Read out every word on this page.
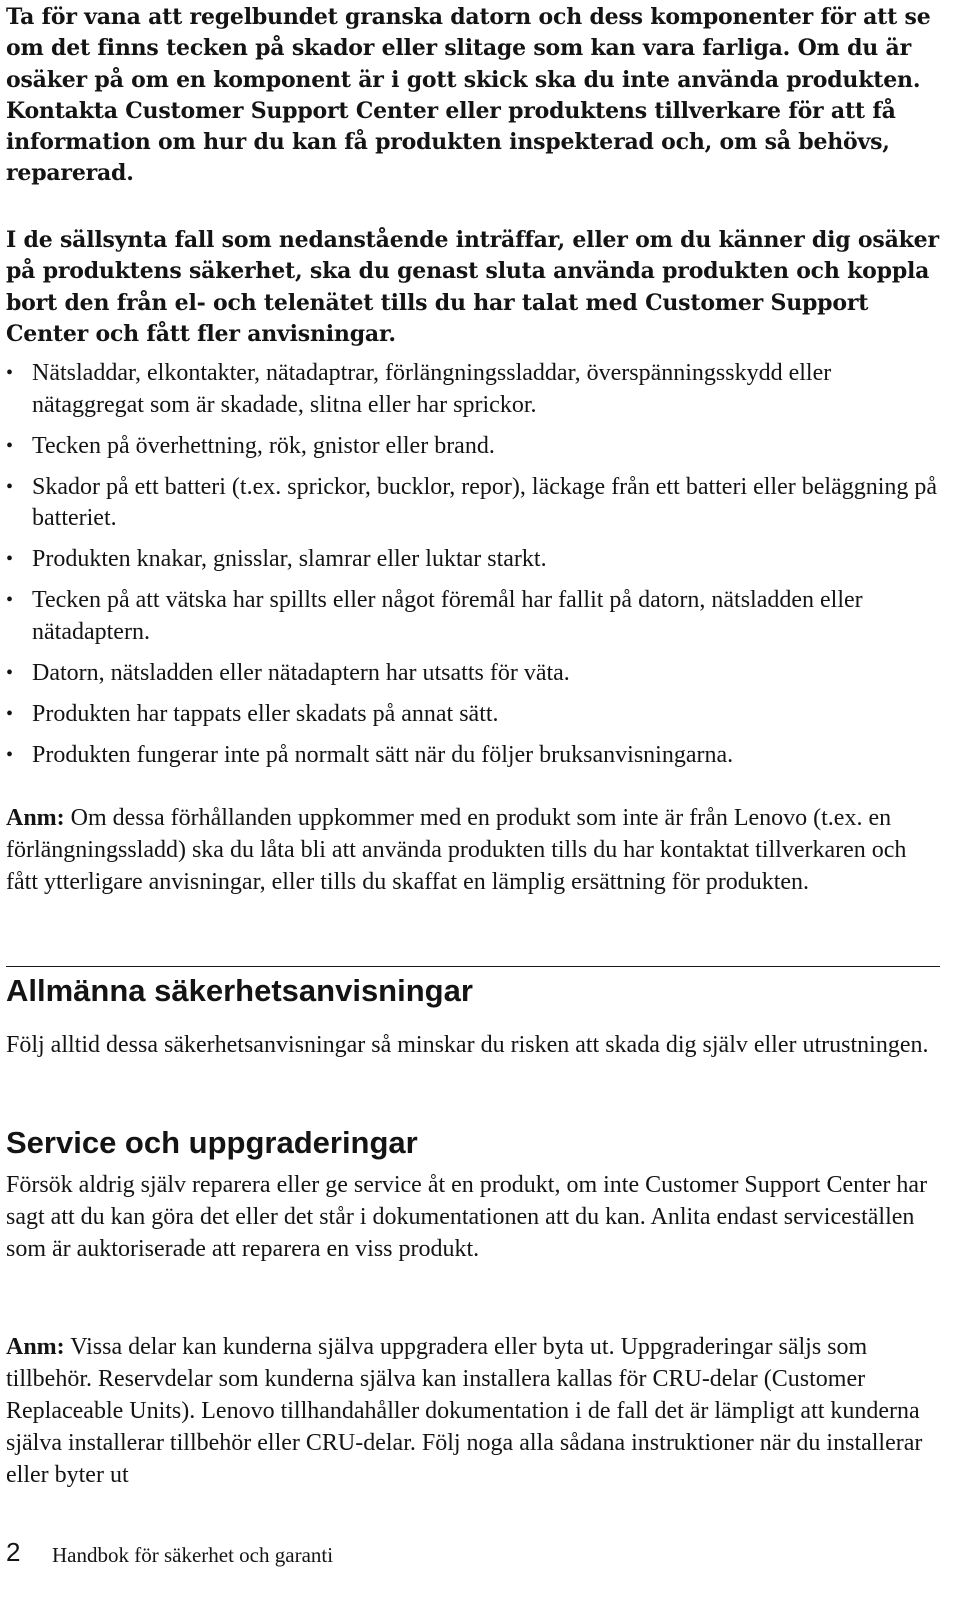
Ta för vana att regelbundet granska datorn och dess komponenter för att se om det finns tecken på skador eller slitage som kan vara farliga. Om du är osäker på om en komponent är i gott skick ska du inte använda produkten. Kontakta Customer Support Center eller produktens tillverkare för att få information om hur du kan få produkten inspekterad och, om så behövs, reparerad.

I de sällsynta fall som nedanstående inträffar, eller om du känner dig osäker på produktens säkerhet, ska du genast sluta använda produkten och koppla bort den från el- och telenätet tills du har talat med Customer Support Center och fått fler anvisningar.

• Nätsladdar, elkontakter, nätadaptrar, förlängningssladdar, överspänningsskydd eller nätaggregat som är skadade, slitna eller har sprickor.
• Tecken på överhettning, rök, gnistor eller brand.
• Skador på ett batteri (t.ex. sprickor, bucklor, repor), läckage från ett batteri eller beläggning på batteriet.
• Produkten knakar, gnisslar, slamrar eller luktar starkt.
• Tecken på att vätska har spillts eller något föremål har fallit på datorn, nätsladden eller nätadaptern.
• Datorn, nätsladden eller nätadaptern har utsatts för väta.
• Produkten har tappats eller skadats på annat sätt.
• Produkten fungerar inte på normalt sätt när du följer bruksanvisningarna.

Anm: Om dessa förhållanden uppkommer med en produkt som inte är från Lenovo (t.ex. en förlängningssladd) ska du låta bli att använda produkten tills du har kontaktat tillverkaren och fått ytterligare anvisningar, eller tills du skaffat en lämplig ersättning för produkten.

Allmänna säkerhetsanvisningar

Följ alltid dessa säkerhetsanvisningar så minskar du risken att skada dig själv eller utrustningen.

Service och uppgraderingar

Försök aldrig själv reparera eller ge service åt en produkt, om inte Customer Support Center har sagt att du kan göra det eller det står i dokumentationen att du kan. Anlita endast serviceställen som är auktoriserade att reparera en viss produkt.

Anm: Vissa delar kan kunderna själva uppgradera eller byta ut. Uppgraderingar säljs som tillbehör. Reservdelar som kunderna själva kan installera kallas för CRU-delar (Customer Replaceable Units). Lenovo tillhandahåller dokumentation i de fall det är lämpligt att kunderna själva installerar tillbehör eller CRU-delar. Följ noga alla sådana instruktioner när du installerar eller byter ut

2 Handbok för säkerhet och garanti
